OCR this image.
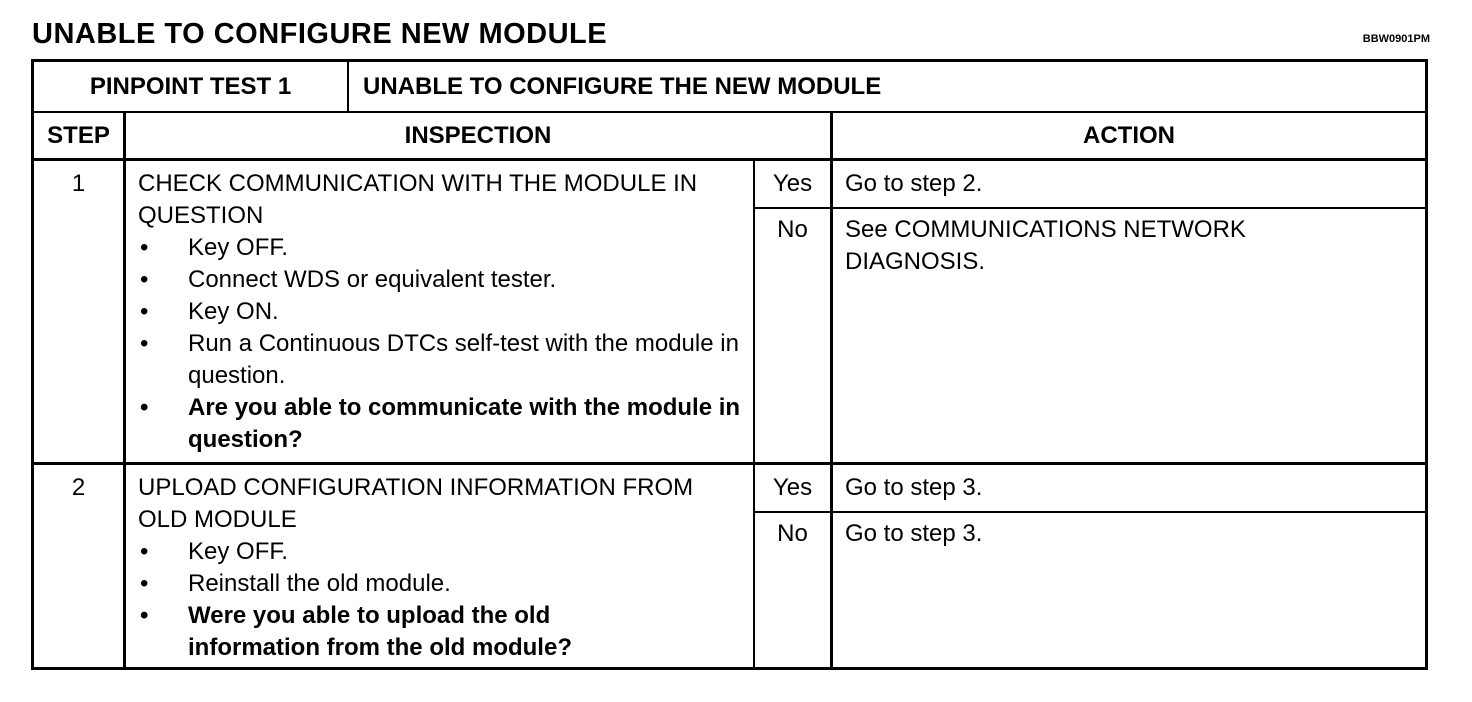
UNABLE TO CONFIGURE NEW MODULE	BBW0901PM
PINPOINT TEST 1	UNABLE TO CONFIGURE THE NEW MODULE
STEP	INSPECTION	ACTION
1	CHECK COMMUNICATION WITH THE MODULE IN QUESTION
•	Key OFF.
•	Connect WDS or equivalent tester.
•	Key ON.
•	Run a Continuous DTCs self-test with the module in question.
•	Are you able to communicate with the module in question?
Yes	Go to step 2.
No	See COMMUNICATIONS NETWORK DIAGNOSIS.
2	UPLOAD CONFIGURATION INFORMATION FROM OLD MODULE
•	Key OFF.
•	Reinstall the old module.
•	Were you able to upload the old information from the old module?
Yes	Go to step 3.
No	Go to step 3.
